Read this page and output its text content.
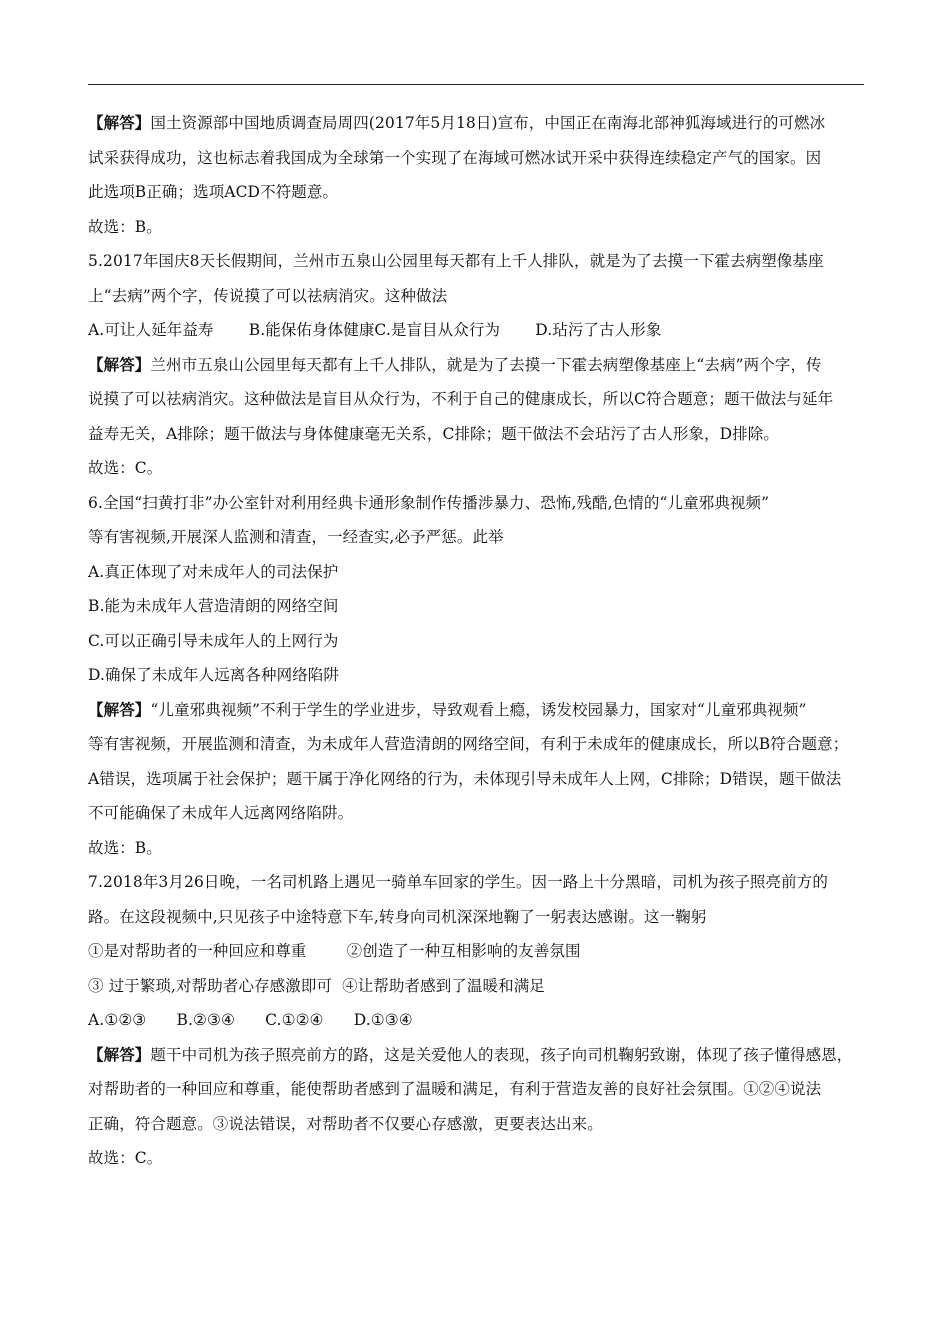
【解答】国土资源部中国地质调查局周四(2017年5月18日)宣布，中国正在南海北部神狐海域进行的可燃冰
试采获得成功，这也标志着我国成为全球第一个实现了在海域可燃冰试开采中获得连续稳定产气的国家。因
此选项B正确；选项ACD不符题意。
故选：B。
5.2017年国庆8天长假期间，兰州市五泉山公园里每天都有上千人排队，就是为了去摸一下霍去病塑像基座
上“去病”两个字，传说摸了可以祛病消灾。这种做法
A.可让人延年益寿       B.能保佑身体健康C.是盲目从众行为       D.玷污了古人形象
【解答】兰州市五泉山公园里每天都有上千人排队，就是为了去摸一下霍去病塑像基座上“去病”两个字，传
说摸了可以祛病消灾。这种做法是盲目从众行为，不利于自己的健康成长，所以C符合题意；题干做法与延年
益寿无关，A排除；题干做法与身体健康毫无关系，C排除；题干做法不会玷污了古人形象，D排除。
故选：C。
6.全国“扫黄打非”办公室针对利用经典卡通形象制作传播涉暴力、恐怖,残酷,色情的“儿童邪典视频”
等有害视频,开展深人监测和清查，一经查实,必予严惩。此举
A.真正体现了对未成年人的司法保护
B.能为未成年人营造清朗的网络空间
C.可以正确引导未成年人的上网行为
D.确保了未成年人远离各种网络陷阱
【解答】“儿童邪典视频”不利于学生的学业进步，导致观看上瘾，诱发校园暴力，国家对“儿童邪典视频”
等有害视频，开展监测和清查，为未成年人营造清朗的网络空间，有利于未成年的健康成长，所以B符合题意；
A错误，选项属于社会保护；题干属于净化网络的行为，未体现引导未成年人上网，C排除；D错误，题干做法
不可能确保了未成年人远离网络陷阱。
故选：B。
7.2018年3月26日晚，一名司机路上遇见一骑单车回家的学生。因一路上十分黑暗，司机为孩子照亮前方的
路。在这段视频中,只见孩子中途特意下车,转身向司机深深地鞠了一躬表达感谢。这一鞠躬
①是对帮助者的一种回应和尊重        ②创造了一种互相影响的友善氛围
③ 过于繁琐,对帮助者心存感激即可  ④让帮助者感到了温暖和满足
A.①②③      B.②③④      C.①②④      D.①③④
【解答】题干中司机为孩子照亮前方的路，这是关爱他人的表现，孩子向司机鞠躬致谢，体现了孩子懂得感恩，
对帮助者的一种回应和尊重，能使帮助者感到了温暖和满足，有利于营造友善的良好社会氛围。①②④说法
正确，符合题意。③说法错误，对帮助者不仅要心存感激，更要表达出来。
故选：C。
